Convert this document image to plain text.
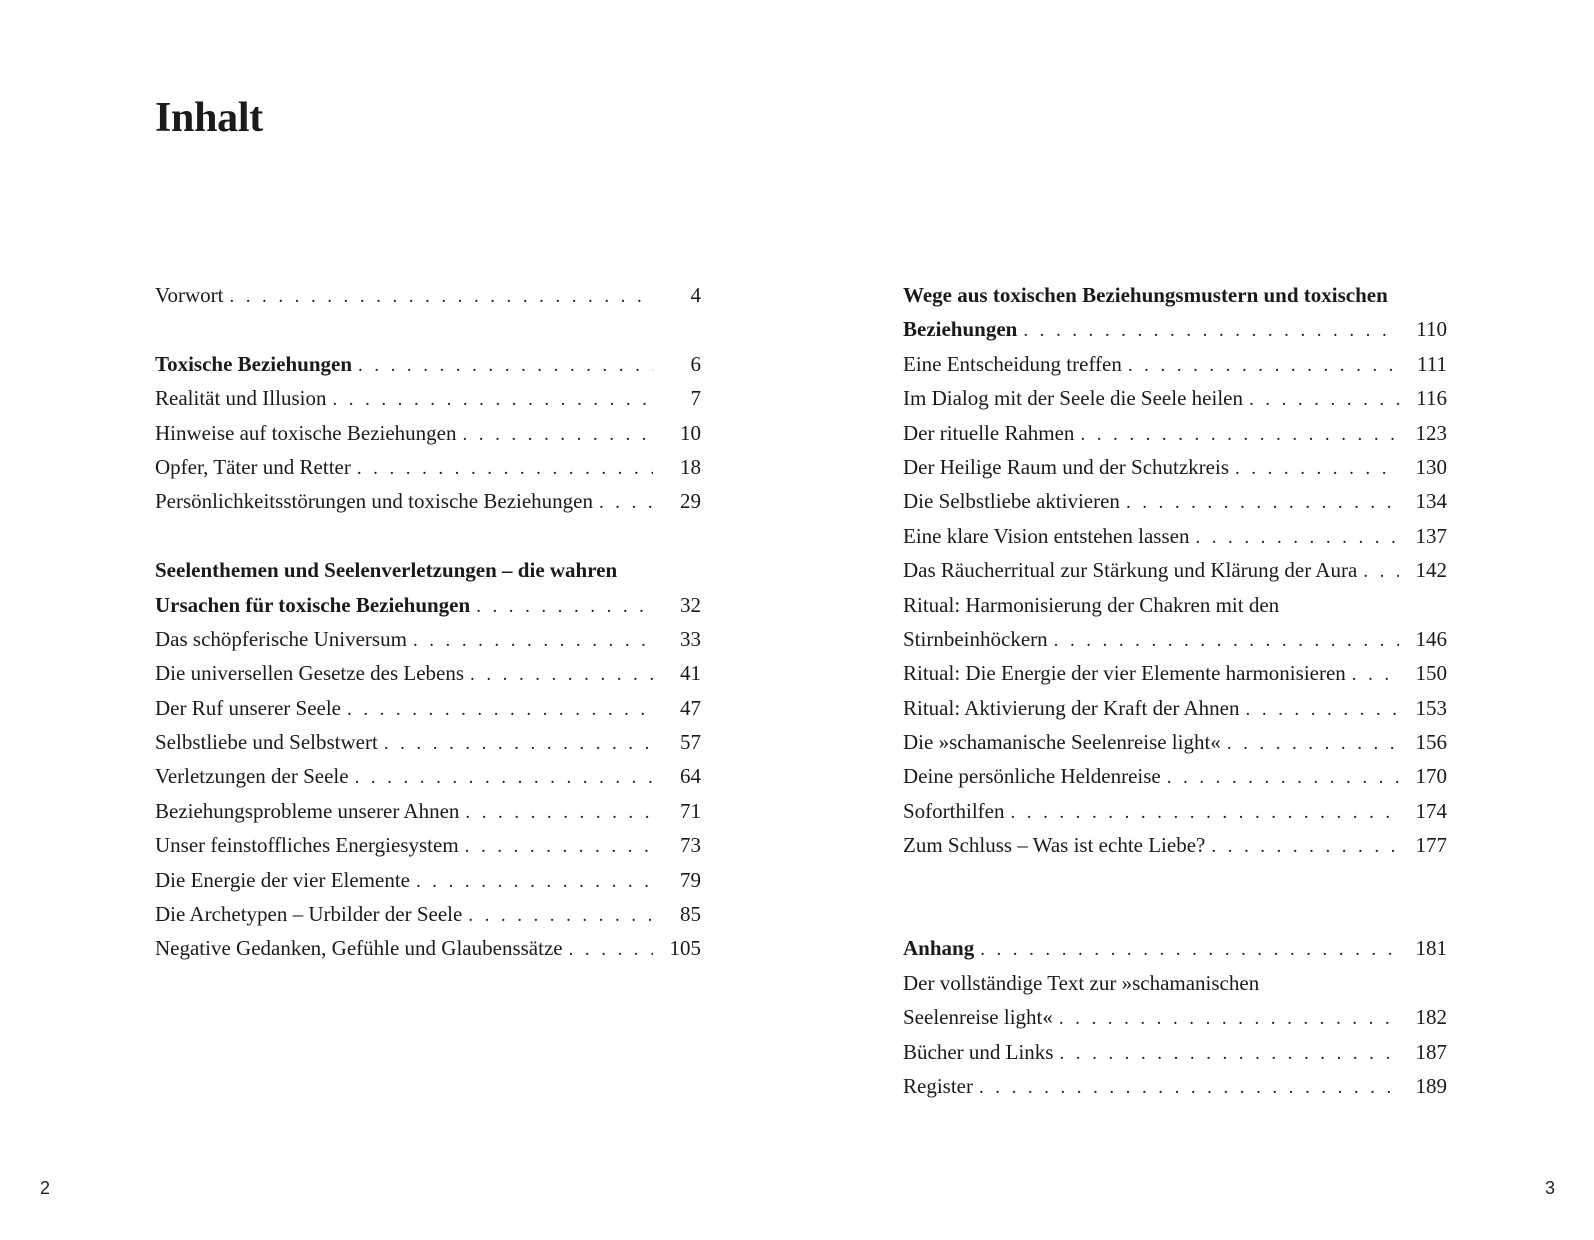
Inhalt
Vorwort . . .	4
Toxische Beziehungen . . .	6
Realität und Illusion . . .	7
Hinweise auf toxische Beziehungen . . .	10
Opfer, Täter und Retter . . .	18
Persönlichkeitsstörungen und toxische Beziehungen . . .	29
Seelenthemen und Seelenverletzungen – die wahren
Ursachen für toxische Beziehungen . . .	32
Das schöpferische Universum . . .	33
Die universellen Gesetze des Lebens . . .	41
Der Ruf unserer Seele . . .	47
Selbstliebe und Selbstwert . . .	57
Verletzungen der Seele . . .	64
Beziehungsprobleme unserer Ahnen . . .	71
Unser feinstoffliches Energiesystem . . .	73
Die Energie der vier Elemente . . .	79
Die Archetypen – Urbilder der Seele . . .	85
Negative Gedanken, Gefühle und Glaubenssätze . . .	105
Wege aus toxischen Beziehungsmustern und toxischen
Beziehungen . . .	110
Eine Entscheidung treffen . . .	111
Im Dialog mit der Seele die Seele heilen . . .	116
Der rituelle Rahmen . . .	123
Der Heilige Raum und der Schutzkreis . . .	130
Die Selbstliebe aktivieren . . .	134
Eine klare Vision entstehen lassen . . .	137
Das Räucherritual zur Stärkung und Klärung der Aura . . .	142
Ritual: Harmonisierung der Chakren mit den
Stirnbeinhöckern . . .	146
Ritual: Die Energie der vier Elemente harmonisieren . . .	150
Ritual: Aktivierung der Kraft der Ahnen . . .	153
Die »schamanische Seelenreise light« . . .	156
Deine persönliche Heldenreise . . .	170
Soforthilfen . . .	174
Zum Schluss – Was ist echte Liebe? . . .	177
Anhang . . .	181
Der vollständige Text zur »schamanischen
Seelenreise light« . . .	182
Bücher und Links . . .	187
Register . . .	189
2	3
